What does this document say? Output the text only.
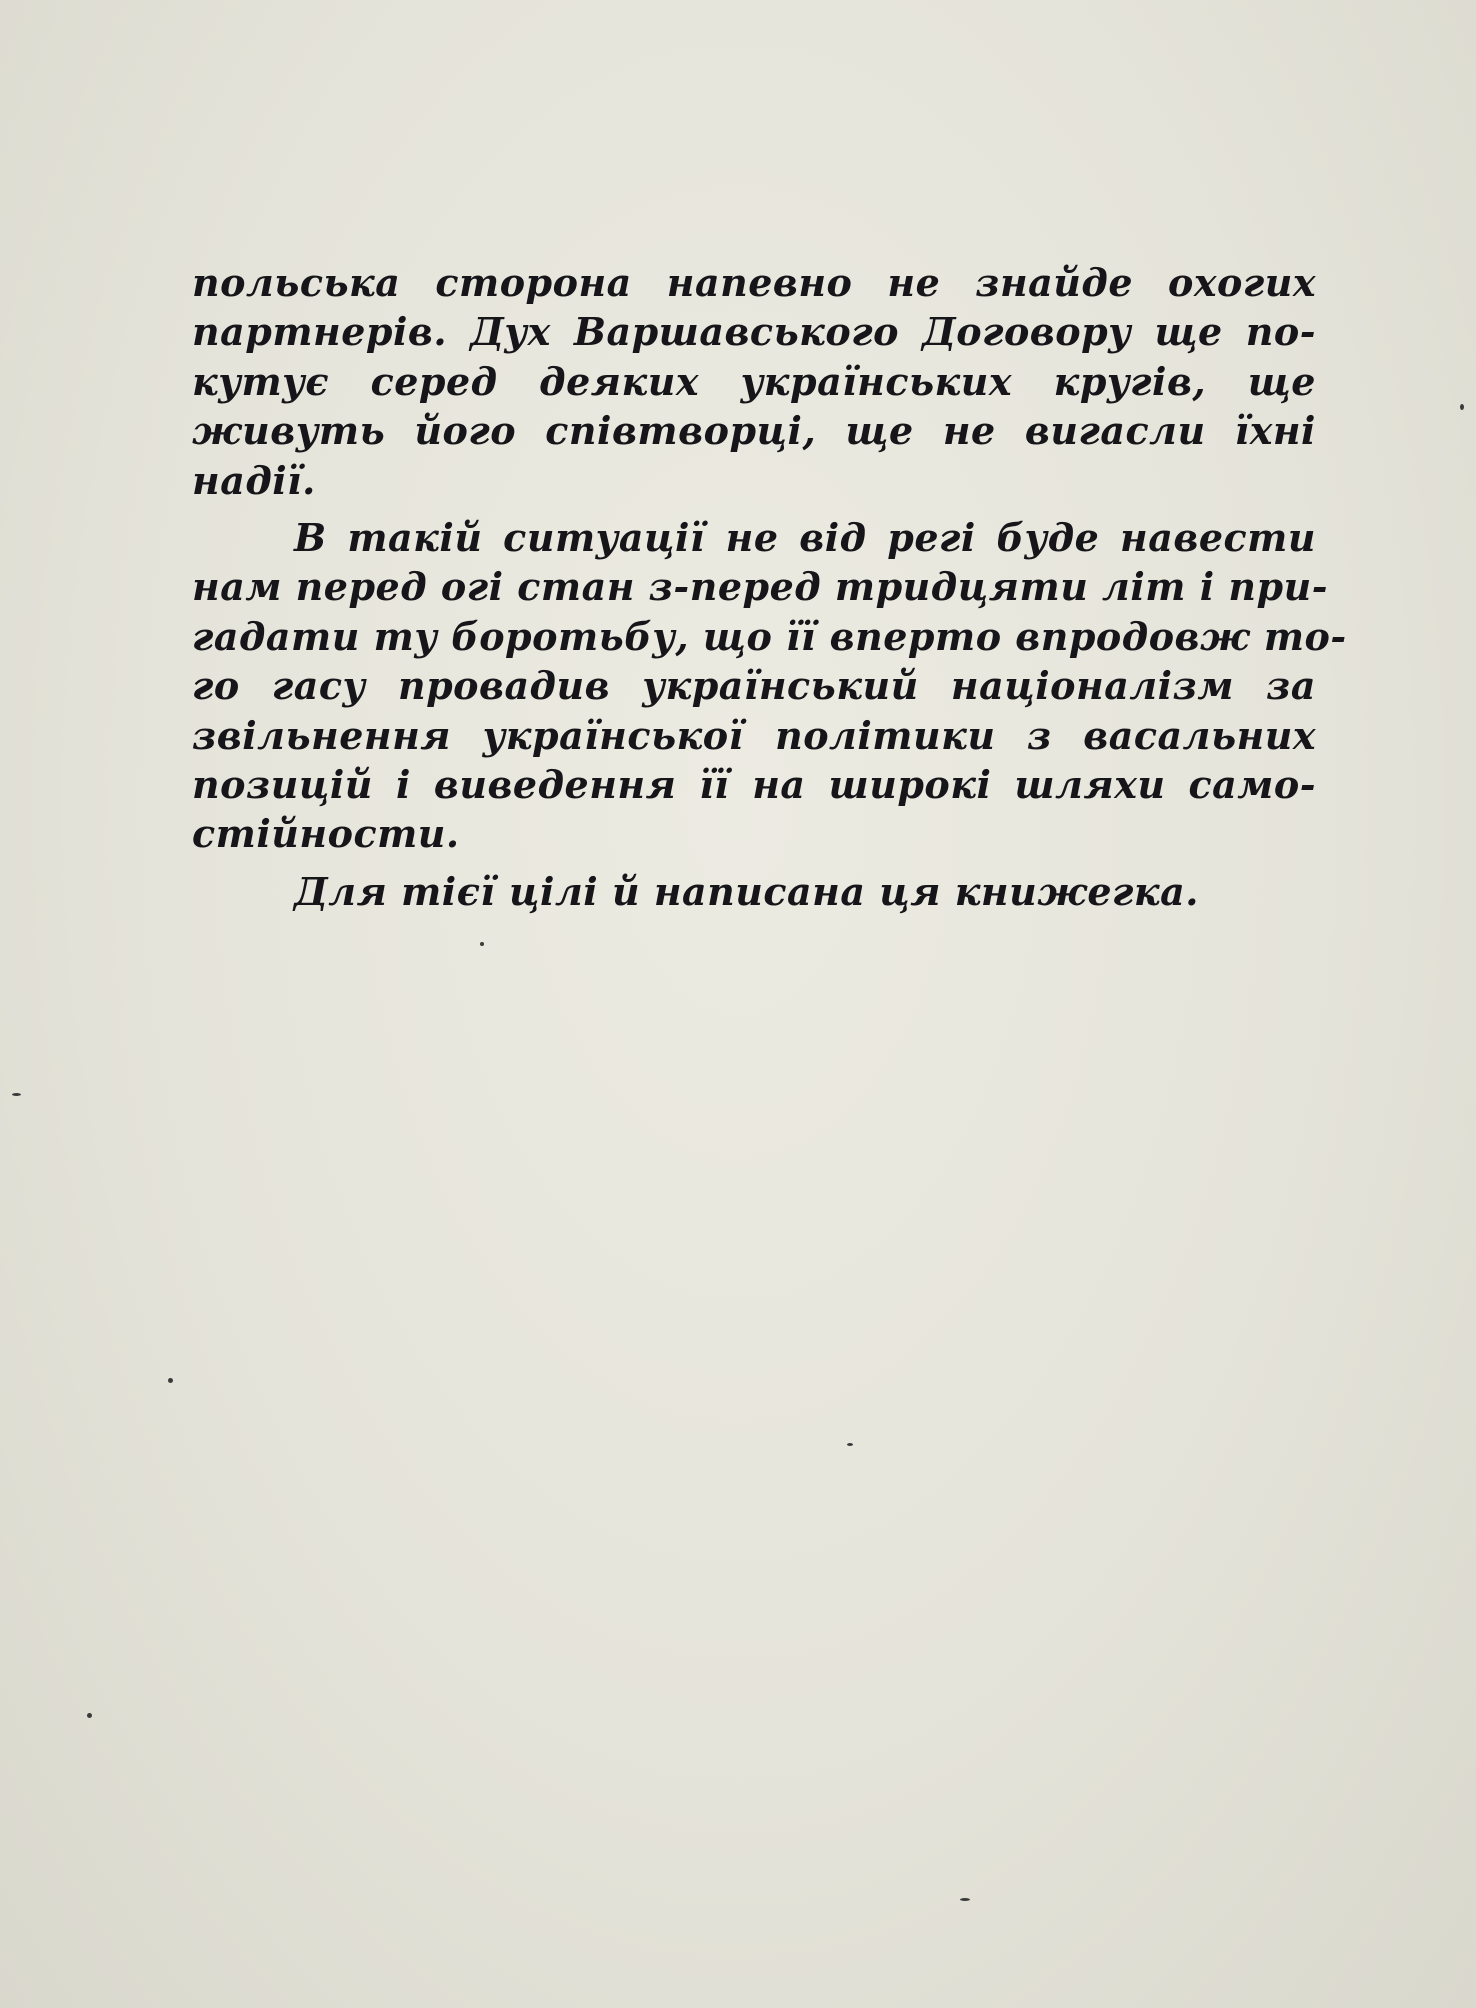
польська сторона напевно не знайде охогих
партнерів. Дух Варшавського Договору ще по-
кутує серед деяких українських кругів, ще
живуть його співтворці, ще не вигасли їхні
надії.
В такій ситуації не від регі буде навести
нам перед огі стан з-перед тридцяти літ і при-
гадати ту боротьбу, що її вперто впродовж то-
го гасу провадив український націоналізм за
звільнення української політики з васальних
позицій і виведення її на широкі шляхи само-
стійности.
Для тієї цілі й написана ця книжегка.
